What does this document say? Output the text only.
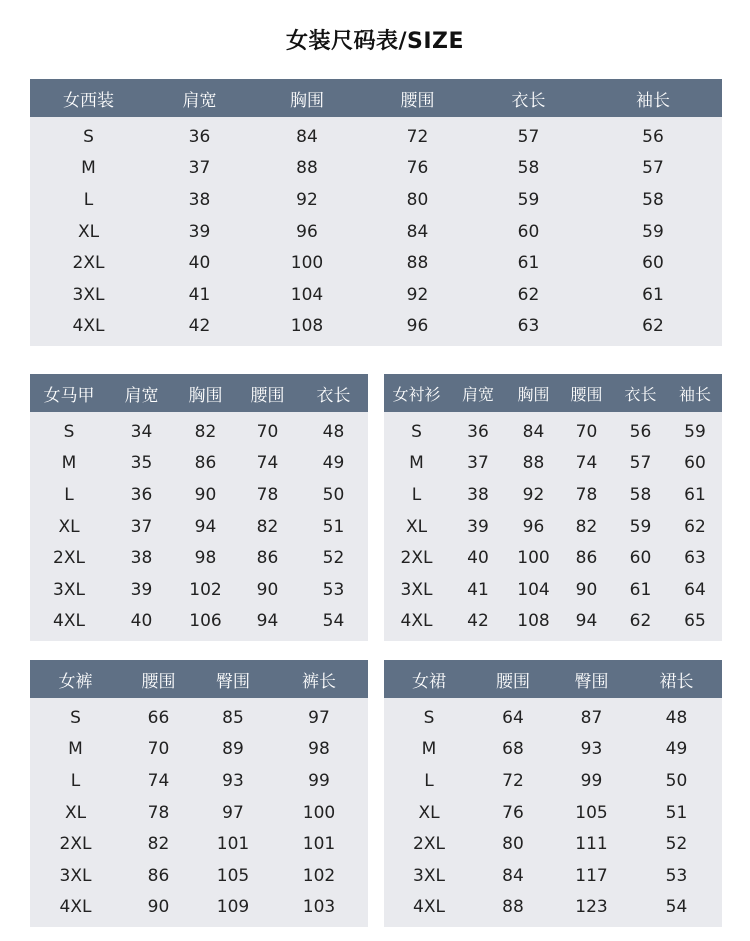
女装尺码表/SIZE
女西装	肩宽	胸围	腰围	衣长	袖长

S	36	84	72	57	56
M	37	88	76	58	57
L	38	92	80	59	58
XL	39	96	84	60	59
2XL	40	100	88	61	60
3XL	41	104	92	62	61
4XL	42	108	96	63	62

女马甲	肩宽	胸围	腰围	衣长

S	34	82	70	48
M	35	86	74	49
L	36	90	78	50
XL	37	94	82	51
2XL	38	98	86	52
3XL	39	102	90	53
4XL	40	106	94	54

女衬衫	肩宽	胸围	腰围	衣长	袖长

S	36	84	70	56	59
M	37	88	74	57	60
L	38	92	78	58	61
XL	39	96	82	59	62
2XL	40	100	86	60	63
3XL	41	104	90	61	64
4XL	42	108	94	62	65

女裤	腰围	臀围	裤长

S	66	85	97
M	70	89	98
L	74	93	99
XL	78	97	100
2XL	82	101	101
3XL	86	105	102
4XL	90	109	103

女裙	腰围	臀围	裙长

S	64	87	48
M	68	93	49
L	72	99	50
XL	76	105	51
2XL	80	111	52
3XL	84	117	53
4XL	88	123	54
